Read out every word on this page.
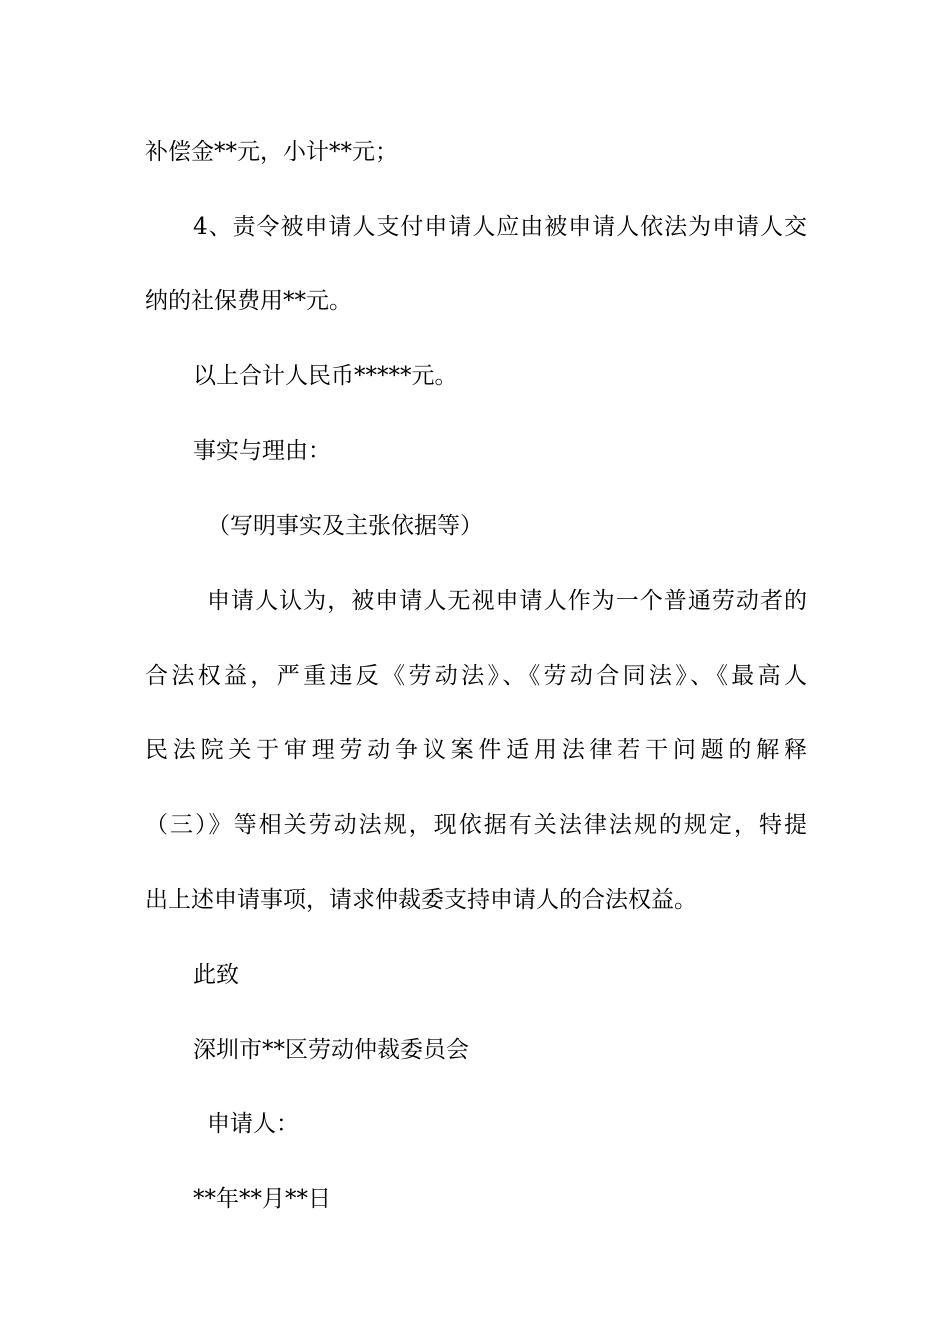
补偿金**元，小计**元；

4、责令被申请人支付申请人应由被申请人依法为申请人交

纳的社保费用**元。

以上合计人民币*****元。

事实与理由：

（写明事实及主张依据等）

申请人认为，被申请人无视申请人作为一个普通劳动者的

合法权益，严重违反《劳动法》、《劳动合同法》、《最高人

民法院关于审理劳动争议案件适用法律若干问题的解释

（三）》等相关劳动法规，现依据有关法律法规的规定，特提

出上述申请事项，请求仲裁委支持申请人的合法权益。

此致

深圳市**区劳动仲裁委员会

申请人：

**年**月**日
